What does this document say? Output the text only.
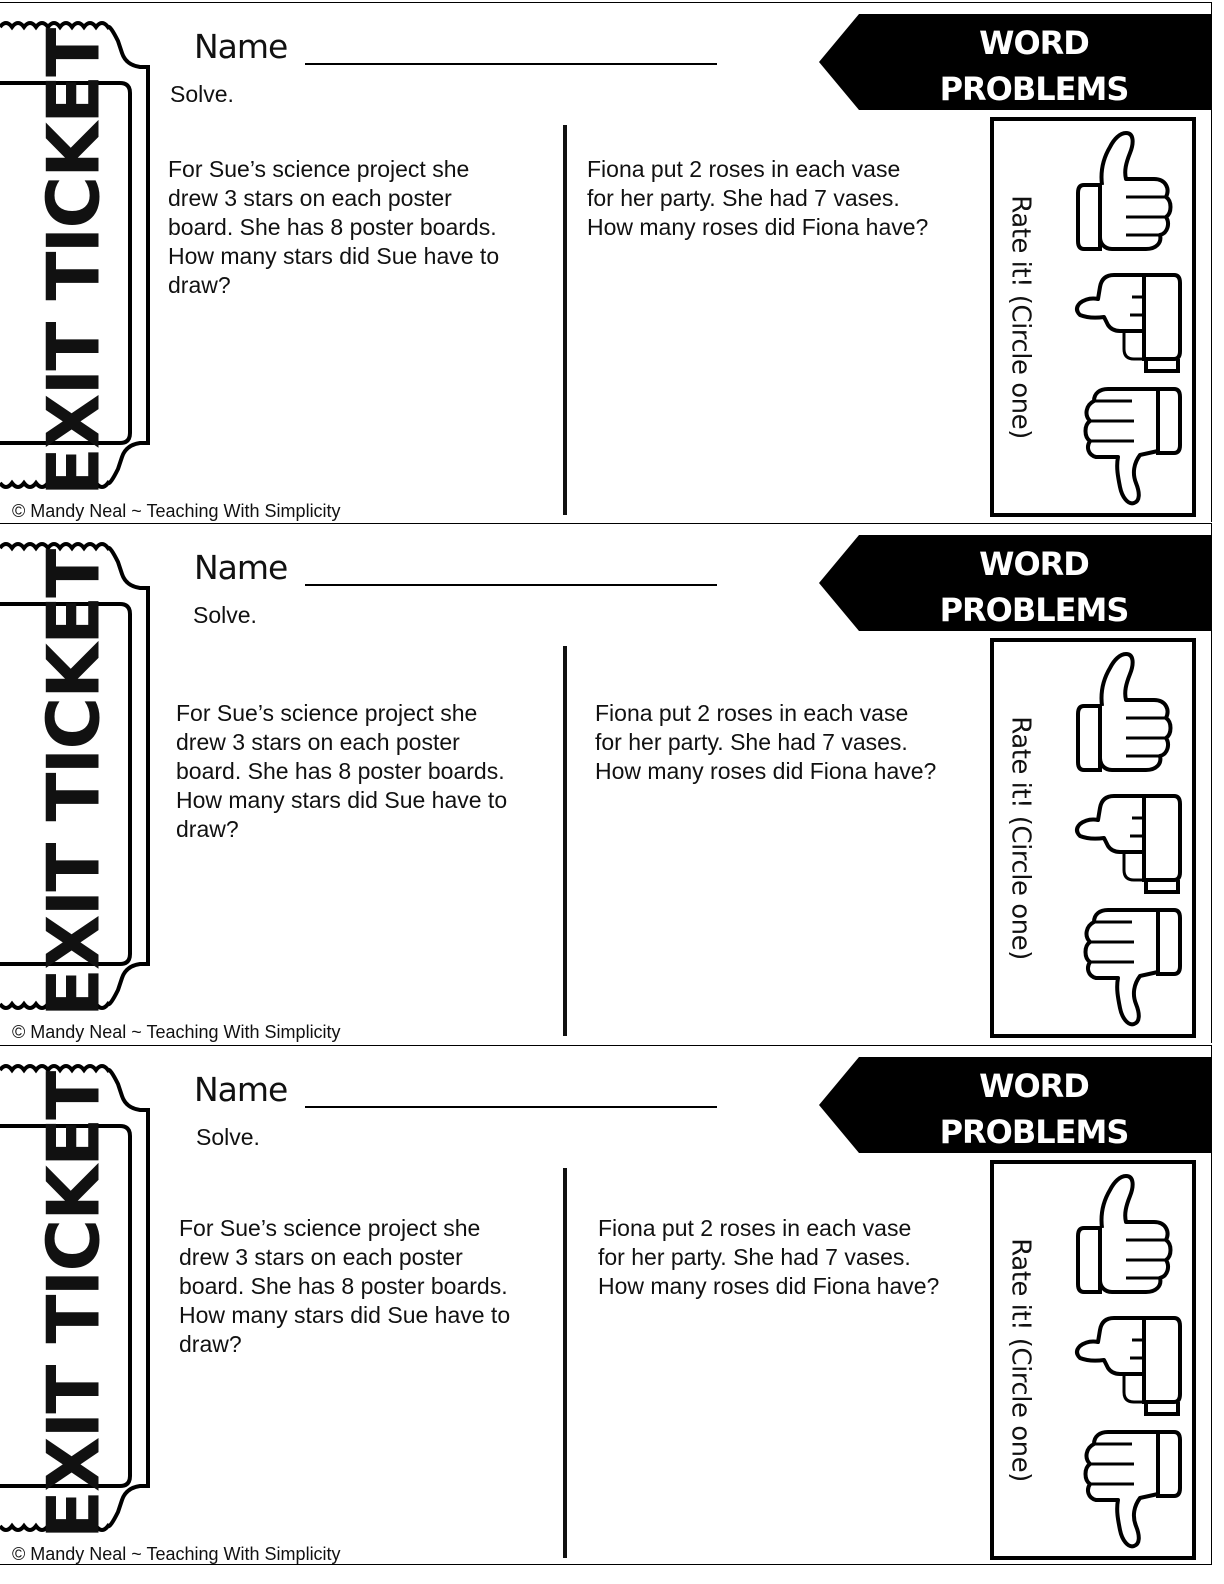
EXIT TICKET Name
Solve.
For Sue’s science project she
drew 3 stars on each poster
board. She has 8 poster boards.
How many stars did Sue have to
draw?
Fiona put 2 roses in each vase
for her party. She had 7 vases.
How many roses did Fiona have?
WORD
PROBLEMS
Rate it! (Circle one)
© Mandy Neal ~ Teaching With Simplicity
EXIT TICKET Name
Solve.
For Sue’s science project she
drew 3 stars on each poster
board. She has 8 poster boards.
How many stars did Sue have to
draw?
Fiona put 2 roses in each vase
for her party. She had 7 vases.
How many roses did Fiona have?
WORD
PROBLEMS
Rate it! (Circle one)
© Mandy Neal ~ Teaching With Simplicity
EXIT TICKET Name
Solve.
For Sue’s science project she
drew 3 stars on each poster
board. She has 8 poster boards.
How many stars did Sue have to
draw?
Fiona put 2 roses in each vase
for her party. She had 7 vases.
How many roses did Fiona have?
WORD
PROBLEMS
Rate it! (Circle one)
© Mandy Neal ~ Teaching With Simplicity
